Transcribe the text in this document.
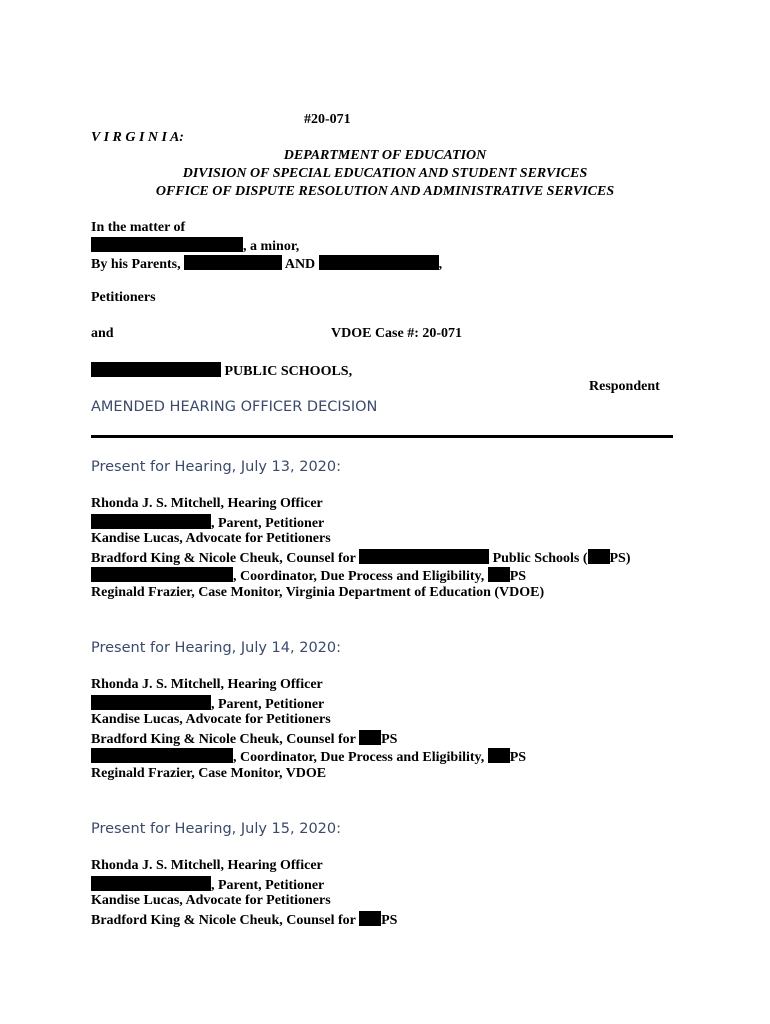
#20-071
V I R G I N I A:
DEPARTMENT OF EDUCATION
DIVISION OF SPECIAL EDUCATION AND STUDENT SERVICES
OFFICE OF DISPUTE RESOLUTION AND ADMINISTRATIVE SERVICES
In the matter of
, a minor,
By his Parents,	AND	,
Petitioners
and	VDOE Case #: 20-071
PUBLIC SCHOOLS,
Respondent
AMENDED HEARING OFFICER DECISION
Present for Hearing, July 13, 2020:
Rhonda J. S. Mitchell, Hearing Officer
, Parent, Petitioner
Kandise Lucas, Advocate for Petitioners
Bradford King & Nicole Cheuk, Counsel for	Public Schools ( PS)
, Coordinator, Due Process and Eligibility, PS
Reginald Frazier, Case Monitor, Virginia Department of Education (VDOE)
Present for Hearing, July 14, 2020:
Rhonda J. S. Mitchell, Hearing Officer
, Parent, Petitioner
Kandise Lucas, Advocate for Petitioners
Bradford King & Nicole Cheuk, Counsel for PS
, Coordinator, Due Process and Eligibility, PS
Reginald Frazier, Case Monitor, VDOE
Present for Hearing, July 15, 2020:
Rhonda J. S. Mitchell, Hearing Officer
, Parent, Petitioner
Kandise Lucas, Advocate for Petitioners
Bradford King & Nicole Cheuk, Counsel for PS
